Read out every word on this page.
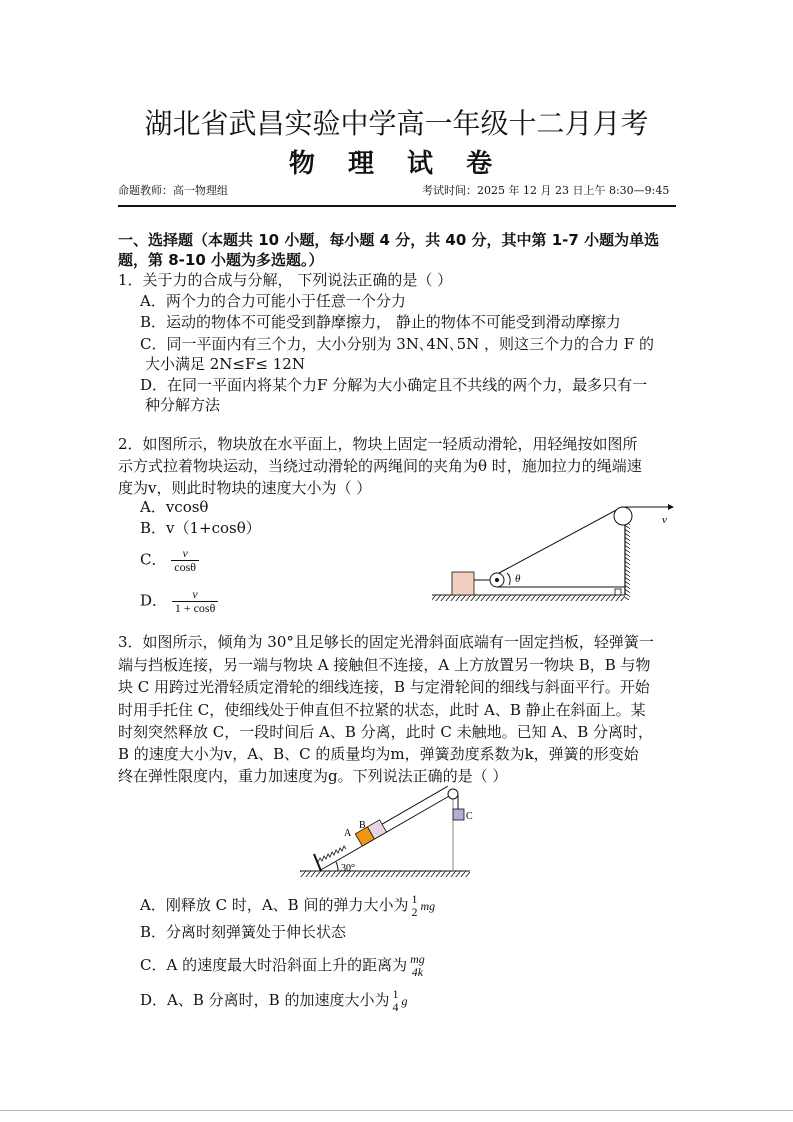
湖北省武昌实验中学高一年级十二月月考
物 理 试 卷
命题教师：高一物理组	考试时间：2025 年 12 月 23 日上午 8:30—9:45
一、选择题（本题共 10 小题，每小题 4 分，共 40 分，其中第 1-7 小题为单选
题，第 8-10 小题为多选题。）
1．关于力的合成与分解， 下列说法正确的是（ ）
A．两个力的合力可能小于任意一个分力
B．运动的物体不可能受到静摩擦力， 静止的物体不可能受到滑动摩擦力
C．同一平面内有三个力，大小分别为 3N､4N､5N ，则这三个力的合力 F 的
大小满足 2N≤F≤ 12N
D．在同一平面内将某个力F 分解为大小确定且不共线的两个力，最多只有一
种分解方法
2．如图所示，物块放在水平面上，物块上固定一轻质动滑轮，用轻绳按如图所
示方式拉着物块运动，当绕过动滑轮的两绳间的夹角为θ 时，施加拉力的绳端速
度为v，则此时物块的速度大小为（ ）
A．vcosθ
B．v（1+cosθ）
C． $\frac{v}{\cos\theta}$
D． $\frac{v}{1 + \cos\theta}$
v
θ
3．如图所示，倾角为 30°且足够长的固定光滑斜面底端有一固定挡板，轻弹簧一
端与挡板连接，另一端与物块 A 接触但不连接，A 上方放置另一物块 B，B 与物
块 C 用跨过光滑轻质定滑轮的细线连接，B 与定滑轮间的细线与斜面平行。开始
时用手托住 C，使细线处于伸直但不拉紧的状态，此时 A、B 静止在斜面上。某
时刻突然释放 C，一段时间后 A、B 分离，此时 C 未触地。已知 A、B 分离时，
B 的速度大小为v，A、B、C 的质量均为m，弹簧劲度系数为k，弹簧的形变始
终在弹性限度内，重力加速度为g。下列说法正确的是（ ）
30°
A
B
C
A．刚释放 C 时，A、B 间的弹力大小为 1
2 mg
B．分离时刻弹簧处于伸长状态
C．A 的速度最大时沿斜面上升的距离为 mg
4k
D．A、B 分离时，B 的加速度大小为 1
4 g
